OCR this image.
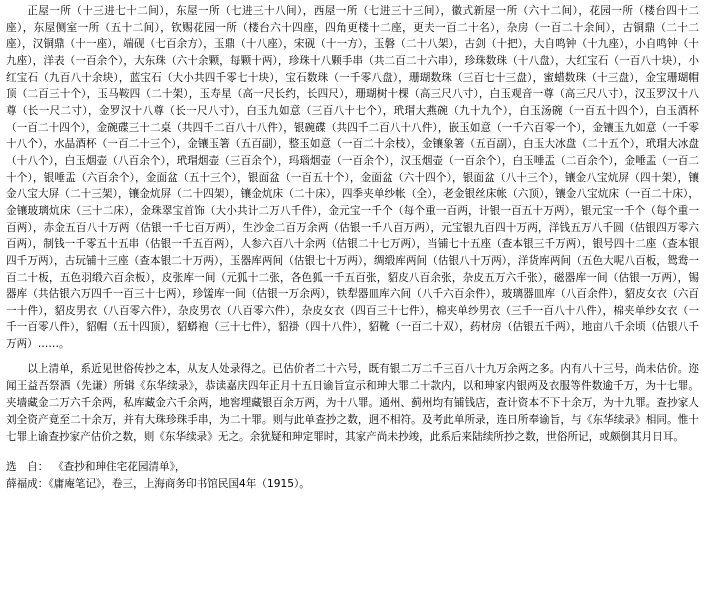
正屋一所（十三进七十二间），东屋一所（七进三十八间），西屋一所（七进三十三间），徽式新屋一所（六十二间），花园一所（楼台四十二座），东屋侧室一所（五十二间），钦赐花园一所（楼台六十四座，四角更楼十二座，更夫一百二十名），杂房（一百二十余间），古铜鼎（二十二座），汉铜鼎（十一座），端砚（七百余方），玉鼎（十八座），宋砚（十一方），玉磐（二十八架），古剑（十把），大自鸣钟（十九座），小自鸣钟（十九座），洋表（一百余个），大东珠（六十余颗，每颗十两），珍珠十八颗手串（共二百二十六串），珍珠数珠（十八盘），大红宝石（一百八十块），小红宝石（九百八十余块），蓝宝石（大小共四千零七十块），宝石数珠（一千零八盘），珊瑚数珠（三百七十三盘），蜜蜡数珠（十三盘），金宝珊瑚帽顶（二百三十个），玉马鞍四（二十架），玉寿星（高一尺长约，长四尺），珊瑚树十棵（高三尺八寸），白玉观音一尊（高三尺八寸），汉玉罗汉十八尊（长一尺二寸），金罗汉十八尊（长一尺八寸），白玉九如意（三百八十七个），玳瑁大燕碗（九十九个），白玉汤碗（一百五十四个），白玉酒杯（一百二十四个），金碗碟三十二桌（共四千二百八十八件），银碗碟（共四千二百八十八件），嵌玉如意（一千六百零一个），金镶玉九如意（一千零十八个），水晶酒杯（一百二十三个），金镶玉箸（五百副），整玉如意（一百二十余枝），金镶象箸（五百副），白玉大冰盘（二十五个），玳瑁大冰盘（十八个），白玉烟壶（八百余个），玳瑁烟壶（三百余个），玛瑙烟壶（一百余个），汉玉烟壶（一百余个），白玉唾盂（二百余个），金唾盂（一百二十个），银唾盂（六百余个），金面盆（五十三个），银面盆（一百五十个），金面盆（六十四个），银面盆（八十三个），镶金八宝炕屏（四十架），镶金八宝大屏（二十三架），镶金炕屏（二十四架），镶金炕床（二十床），四季夹单纱帐（全），老金银丝床帐（六顶），镶金八宝炕床（一百二十床），金镶玻璃炕床（三十二床），金珠翠宝首饰（大小共计二万八千件），金元宝一千个（每个重一百两，计银一百五十万两），银元宝一千个（每个重一百两），赤金五百八十万两（估银一千七百万两），生沙金二百万余两（估银一千八百万两），元宝银九百四十万两，洋钱五万八千圆（估银四万零六百两），制钱一千零五十五串（估银一千五百两），人参六百八十余两（估银二十七万两），当铺七十五座（查本银三千万两），银号四十二座（查本银四千万两），古玩铺十三座（查本银二十万两），玉器库两间（估银七十万两），绸缎库两间（估银八十万两），洋货库两间（五色大呢八百板，鸳鸯一百二十板，五色羽缎六百余板），皮张库一间（元狐十二张，各色狐一千五百张，貂皮八百余张，杂皮五万六千张），磁器库一间（估银一万两），锡器库（共估银六万四千一百三十七两），珍馐库一间（估银一万余两），铁犁器皿库六间（八千六百余件），玻璃器皿库（八百余件），貂皮女衣（六百一十件），貂皮男衣（八百零六件），杂皮男衣（八百零六件），杂皮女衣（四百三十七件），棉夹单纱男衣（三千一百八十八件），棉夹单纱女衣（一千一百零八件），貂帽（五十四顶），貂蟒袍（三十七件），貂褂（四十八件），貂靴（一百二十双），药材房（估银五千两），地亩八千余顷（估银八千万两）……。

以上清单，系近见世俗传抄之本，从友人处录得之。已估价者二十六号，既有银二万二千三百八十九万余两之多。内有八十三号，尚未估价。迩闻王益吾祭酒（先谦）所辑《东华续录》，恭读嘉庆四年正月十五日谕旨宣示和珅大罪二十款内，以和珅家内银两及衣服等件数逾千万，为十七罪。夹墙藏金二万六千余两，私库藏金六千余两，地窖埋藏银百余万两，为十八罪。通州、蓟州均有铺钱店，查计资本不下十余万，为十九罪。查抄家人刘全资产竟至二十余万，并有大珠珍珠手串，为二十罪。则与此单查抄之数，迥不相符。及考此单所录，连日所奉谕旨，与《东华续录》相同。惟十七罪上谕查抄家产估价之数，则《东华续录》无之。余犹疑和珅定罪时，其家产尚未抄竣，此系后来陆续所抄之数，世俗所记，或颇倒其月日耳。

选　自： 《查抄和珅住宅花园清单》，
薛福成：《庸庵笔记》，卷三，上海商务印书馆民国4年（1915）。
